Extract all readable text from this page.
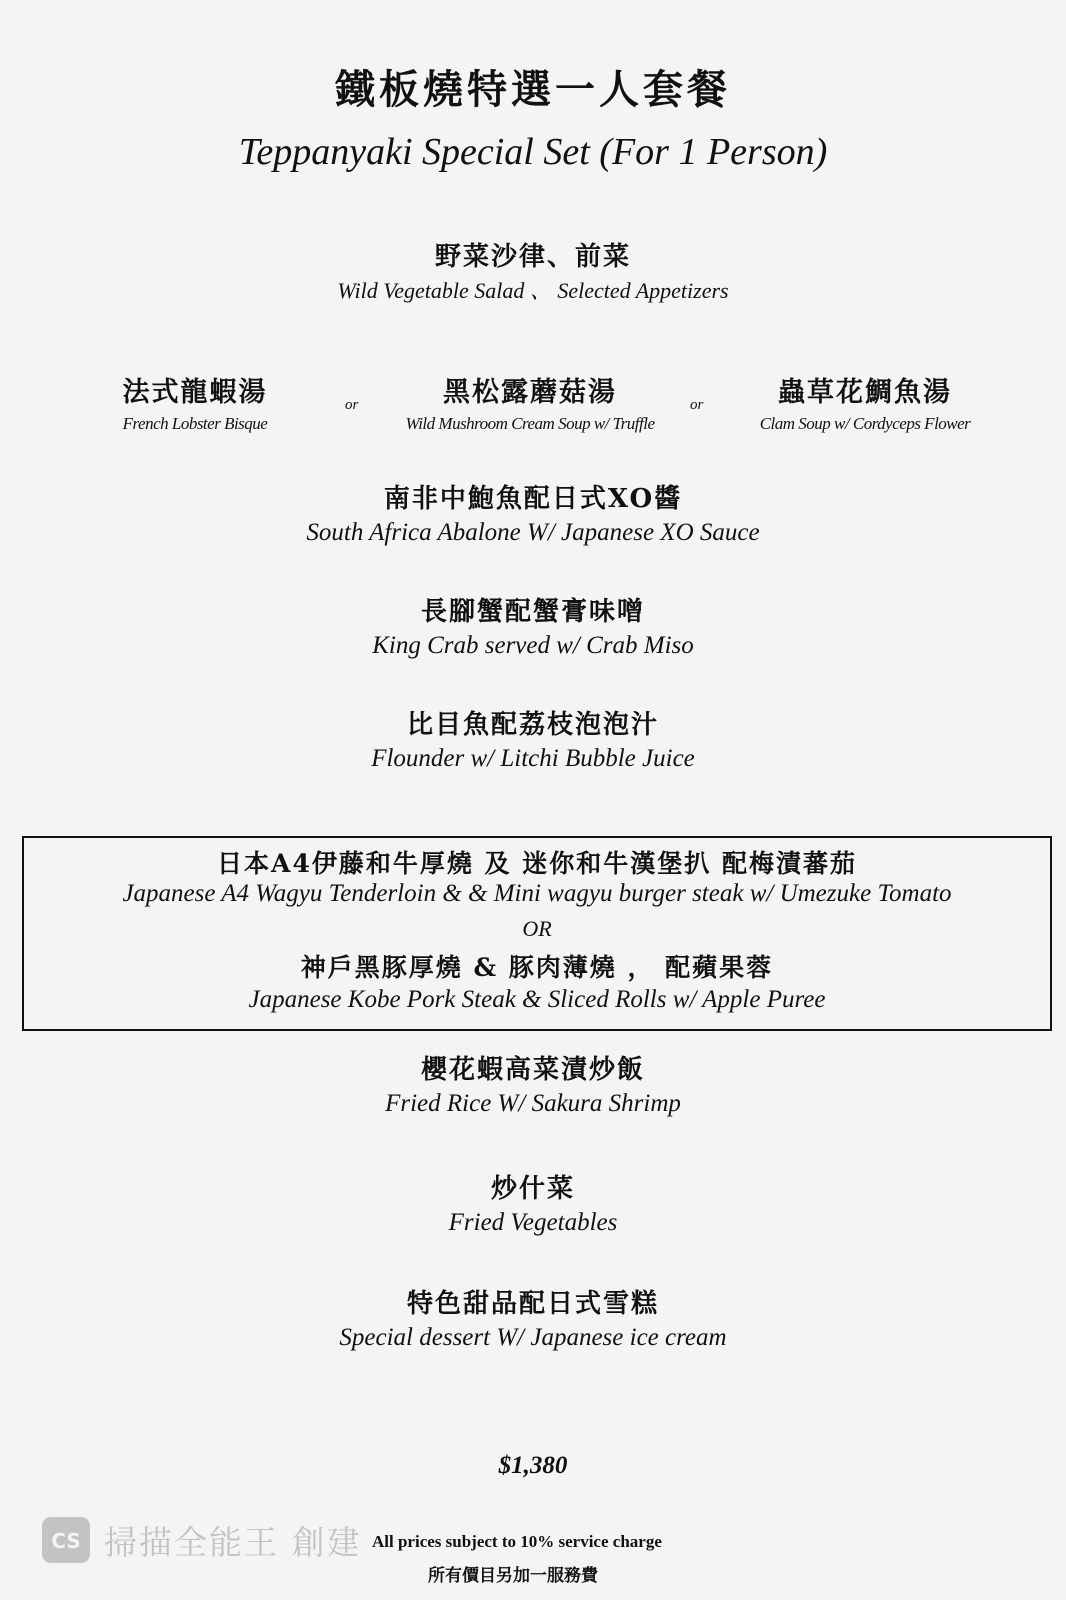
鐵板燒特選一人套餐
Teppanyaki Special Set (For 1 Person)
野菜沙律、前菜
Wild Vegetable Salad 、 Selected Appetizers
法式龍蝦湯
French Lobster Bisque
or	黑松露蘑菇湯
Wild Mushroom Cream Soup w/ Truffle
or	蟲草花鯛魚湯
Clam Soup w/ Cordyceps Flower
南非中鮑魚配日式XO醬
South Africa Abalone W/ Japanese XO Sauce
長腳蟹配蟹膏味噌
King Crab served w/ Crab Miso
比目魚配荔枝泡泡汁
Flounder w/ Litchi Bubble Juice
日本A4伊藤和牛厚燒 及 迷你和牛漢堡扒 配梅漬蕃茄
Japanese A4 Wagyu Tenderloin & & Mini wagyu burger steak w/ Umezuke Tomato
OR
神戶黑豚厚燒 & 豚肉薄燒 ， 配蘋果蓉
Japanese Kobe Pork Steak & Sliced Rolls w/ Apple Puree
櫻花蝦高菜漬炒飯
Fried Rice W/ Sakura Shrimp
炒什菜
Fried Vegetables
特色甜品配日式雪糕
Special dessert W/ Japanese ice cream
$1,380
All prices subject to 10% service charge
所有價目另加一服務費
CS 掃描全能王 創建
